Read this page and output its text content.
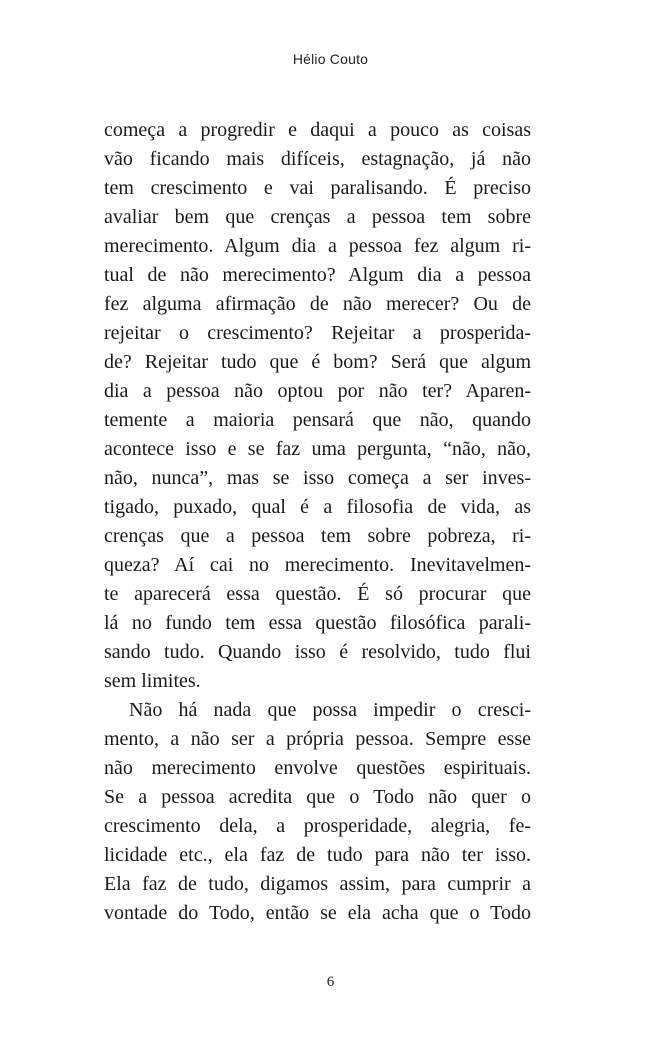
Hélio Couto
começa a progredir e daqui a pouco as coisas
vão ficando mais difíceis, estagnação, já não
tem crescimento e vai paralisando. É preciso
avaliar bem que crenças a pessoa tem sobre
merecimento. Algum dia a pessoa fez algum ri-
tual de não merecimento? Algum dia a pessoa
fez alguma afirmação de não merecer? Ou de
rejeitar o crescimento? Rejeitar a prosperida-
de? Rejeitar tudo que é bom? Será que algum
dia a pessoa não optou por não ter? Aparen-
temente a maioria pensará que não, quando
acontece isso e se faz uma pergunta, “não, não,
não, nunca”, mas se isso começa a ser inves-
tigado, puxado, qual é a filosofia de vida, as
crenças que a pessoa tem sobre pobreza, ri-
queza? Aí cai no merecimento. Inevitavelmen-
te aparecerá essa questão. É só procurar que
lá no fundo tem essa questão filosófica parali-
sando tudo. Quando isso é resolvido, tudo flui
sem limites.
Não há nada que possa impedir o cresci-
mento, a não ser a própria pessoa. Sempre esse
não merecimento envolve questões espirituais.
Se a pessoa acredita que o Todo não quer o
crescimento dela, a prosperidade, alegria, fe-
licidade etc., ela faz de tudo para não ter isso.
Ela faz de tudo, digamos assim, para cumprir a
vontade do Todo, então se ela acha que o Todo
6
